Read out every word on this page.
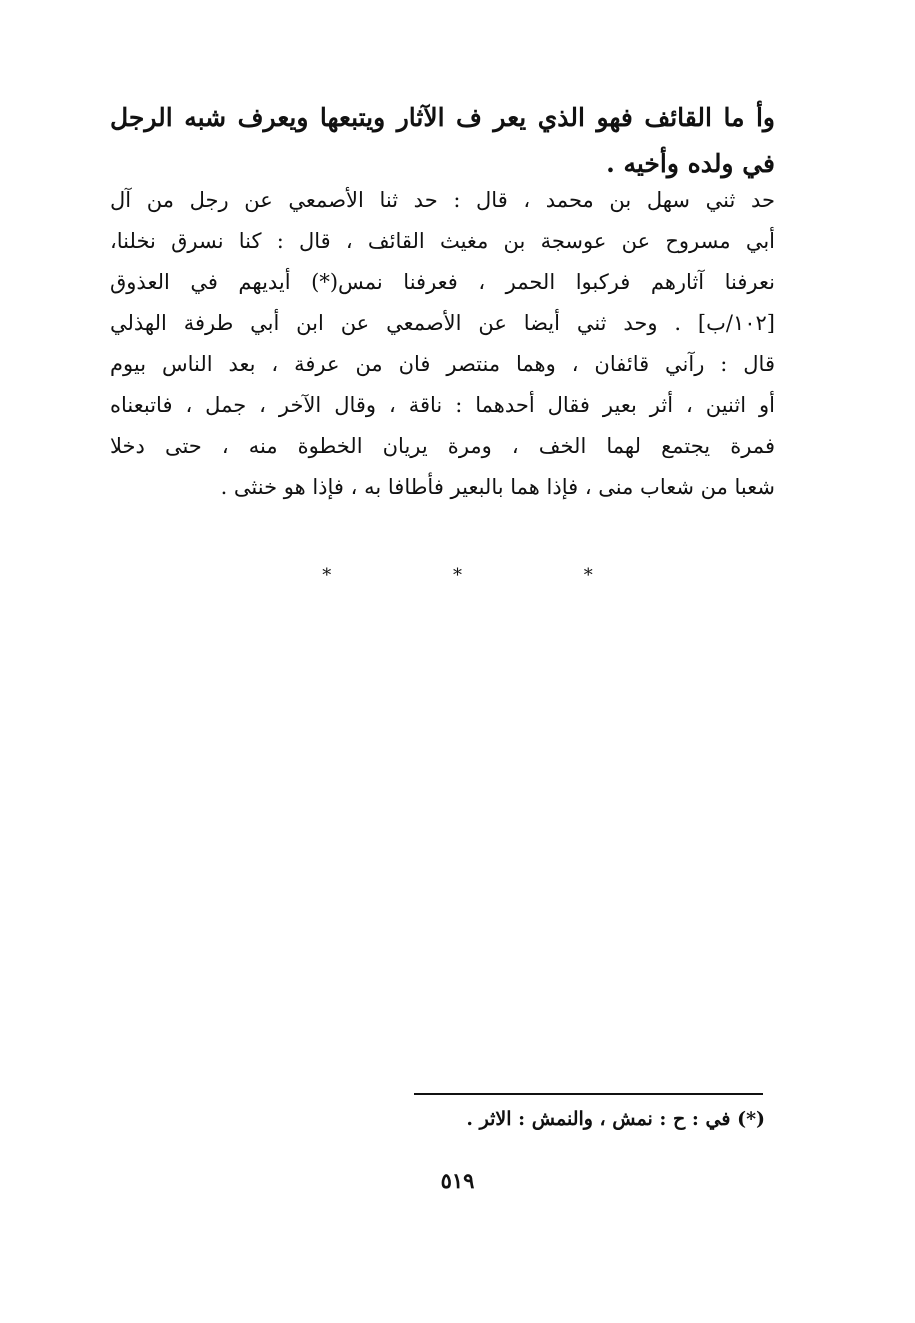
وأ ما القائف فهو الذي يعر ف الآثار ويتبعها ويعرف شبه الرجل
في ولده وأخيه .
حد ثني سهل بن محمد ، قال : حد ثنا الأصمعي عن رجل من آل
أبي مسروح عن عوسجة بن مغيث القائف ، قال : كنا نسرق نخلنا،
نعرفنا آثارهم فركبوا الحمر ، فعرفنا نمس(*) أيديهم في العذوق
[١٠٢/ب] . وحد ثني أيضا عن الأصمعي عن ابن أبي طرفة الهذلي
قال : رآني قائفان ، وهما منتصر فان من عرفة ، بعد الناس بيوم
أو اثنين ، أثر بعير فقال أحدهما : ناقة ، وقال الآخر ، جمل ، فاتبعناه
فمرة يجتمع لهما الخف ، ومرة يريان الخطوة منه ، حتى دخلا
شعبا من شعاب منى ، فإذا هما بالبعير فأطافا به ، فإذا هو خنثى .
* * *
(*) في : ح : نمش ، والنمش : الاثر .
٥١٩
